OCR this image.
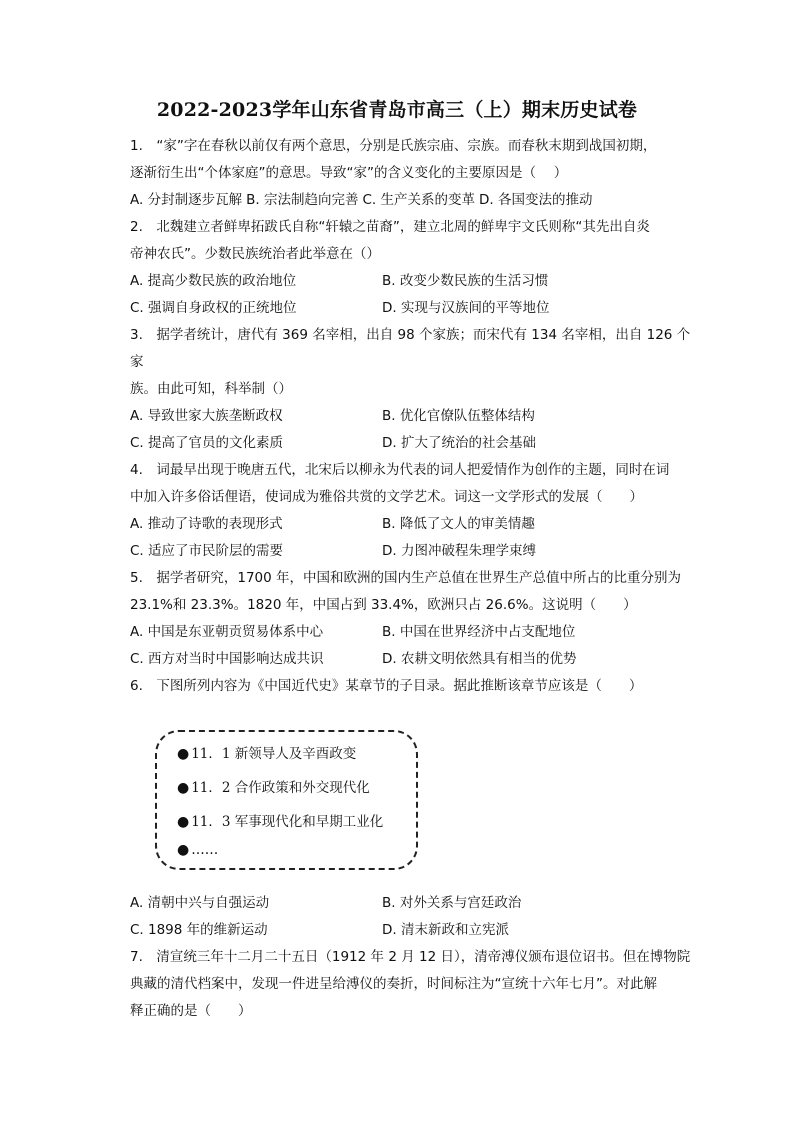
2022-2023学年山东省青岛市高三（上）期末历史试卷
1.　“家”字在春秋以前仅有两个意思，分别是氏族宗庙、宗族。而春秋末期到战国初期，
逐渐衍生出“个体家庭”的意思。导致“家”的含义变化的主要原因是（　 ）
A. 分封制逐步瓦解 B. 宗法制趋向完善 C. 生产关系的变革 D. 各国变法的推动
2.　北魏建立者鲜卑拓跋氏自称“轩辕之苗裔”，建立北周的鲜卑宇文氏则称“其先出自炎
帝神农氏”。少数民族统治者此举意在（）
A. 提高少数民族的政治地位	B. 改变少数民族的生活习惯
C. 强调自身政权的正统地位	D. 实现与汉族间的平等地位
3.　据学者统计，唐代有 369 名宰相，出自 98 个家族；而宋代有 134 名宰相，出自 126 个家
族。由此可知，科举制（）
A. 导致世家大族垄断政权	B. 优化官僚队伍整体结构
C. 提高了官员的文化素质	D. 扩大了统治的社会基础
4.　词最早出现于晚唐五代，北宋后以柳永为代表的词人把爱情作为创作的主题，同时在词
中加入许多俗话俚语，使词成为雅俗共赏的文学艺术。词这一文学形式的发展（　　）
A. 推动了诗歌的表现形式	B. 降低了文人的审美情趣
C. 适应了市民阶层的需要	D. 力图冲破程朱理学束缚
5.　据学者研究，1700 年，中国和欧洲的国内生产总值在世界生产总值中所占的比重分别为
23.1%和 23.3%。1820 年，中国占到 33.4%，欧洲只占 26.6%。这说明（　　）
A. 中国是东亚朝贡贸易体系中心	B. 中国在世界经济中占支配地位
C. 西方对当时中国影响达成共识	D. 农耕文明依然具有相当的优势
6.　下图所列内容为《中国近代史》某章节的子目录。据此推断该章节应该是（　　）
● 11．1 新领导人及辛酉政变
● 11．2 合作政策和外交现代化
● 11．3 军事现代化和早期工业化
● ……
A. 清朝中兴与自强运动	B. 对外关系与宫廷政治
C. 1898 年的维新运动	D. 清末新政和立宪派
7.　清宣统三年十二月二十五日（1912 年 2 月 12 日），清帝溥仪颁布退位诏书。但在博物院
典藏的清代档案中，发现一件进呈给溥仪的奏折，时间标注为“宣统十六年七月”。对此解
释正确的是（　　）
